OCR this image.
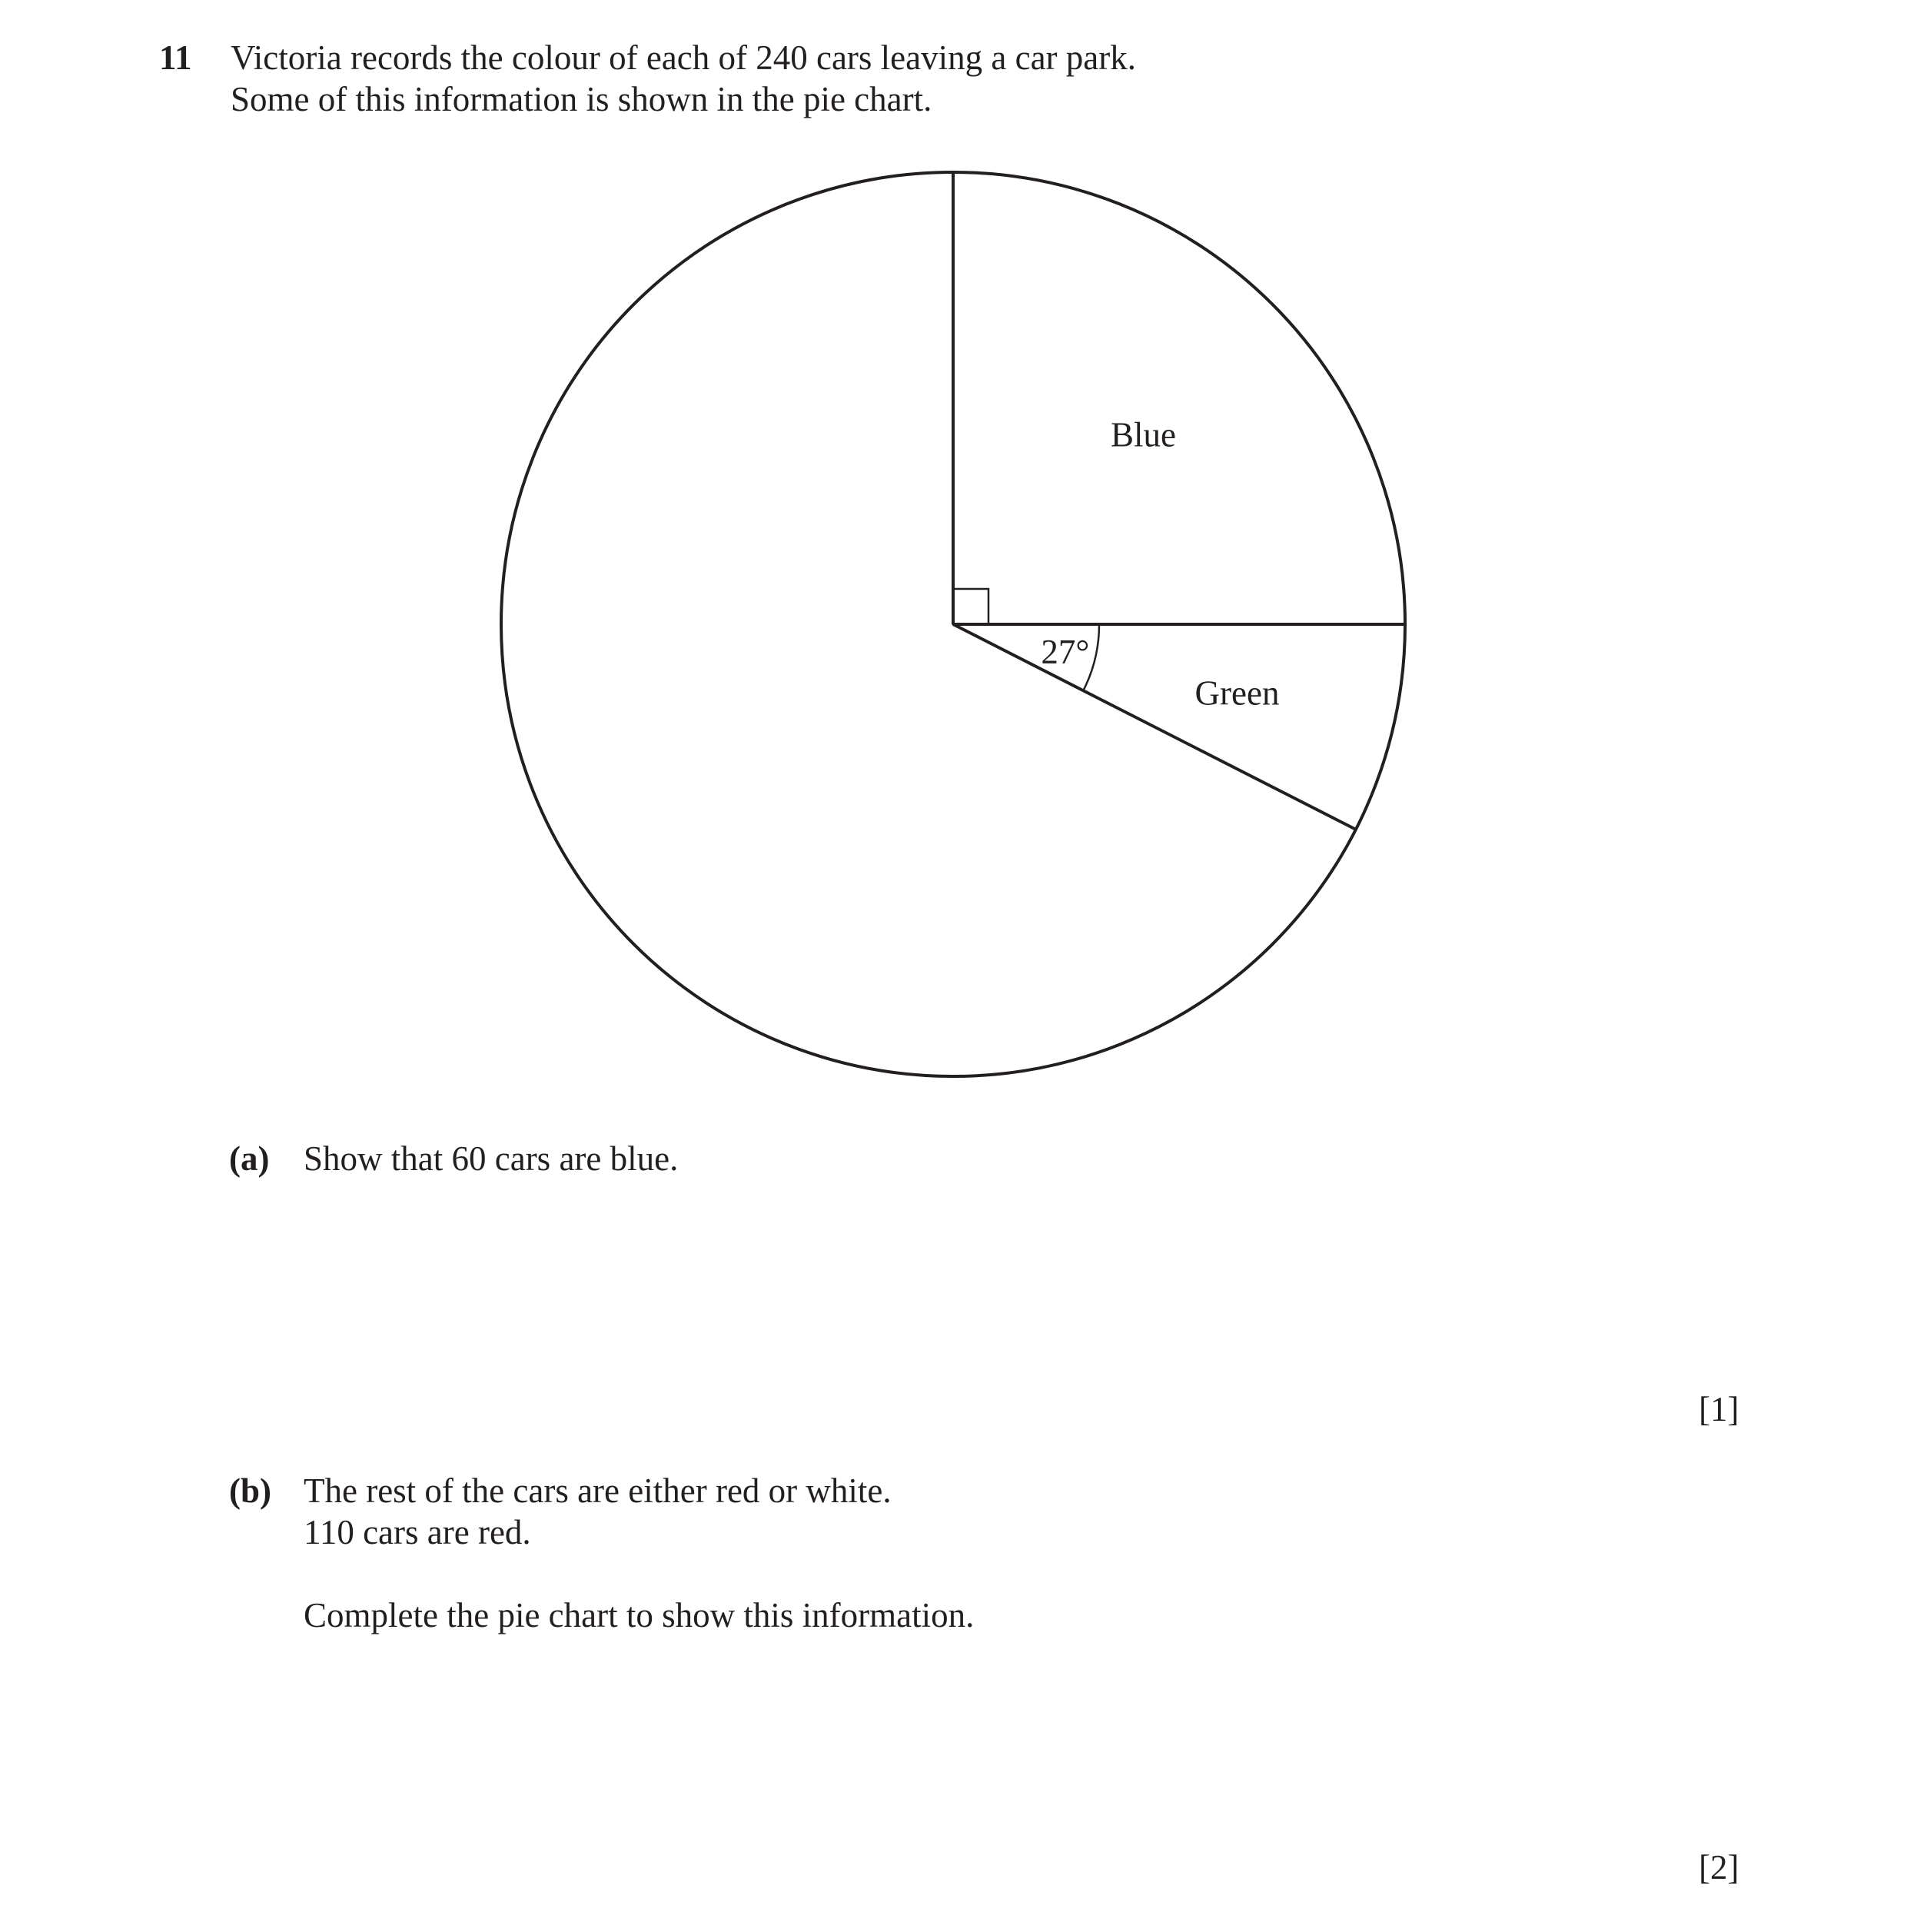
11 Victoria records the colour of each of 240 cars leaving a car park.
Some of this information is shown in the pie chart.
Blue
Green
27°
(a) Show that 60 cars are blue.
[1]
(b) The rest of the cars are either red or white.
110 cars are red.
Complete the pie chart to show this information.
[2]
